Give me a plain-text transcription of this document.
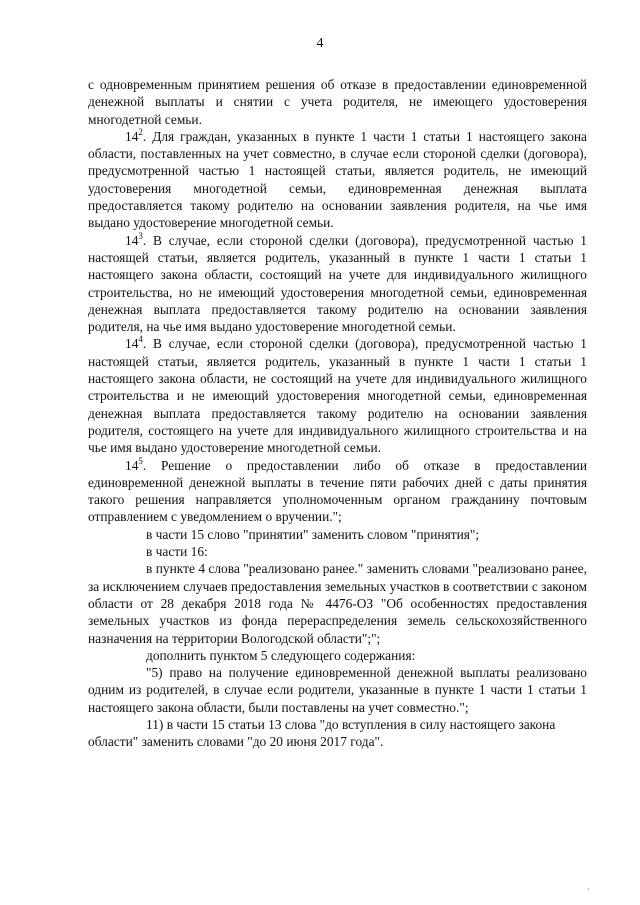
4

с одновременным принятием решения об отказе в предоставлении единовременной денежной выплаты и снятии с учета родителя, не имеющего удостоверения многодетной семьи.

$14^2$. Для граждан, указанных в пункте 1 части 1 статьи 1 настоящего закона области, поставленных на учет совместно, в случае если стороной сделки (договора), предусмотренной частью 1 настоящей статьи, является родитель, не имеющий удостоверения многодетной семьи, единовременная денежная выплата предоставляется такому родителю на основании заявления родителя, на чье имя выдано удостоверение многодетной семьи.

$14^3$. В случае, если стороной сделки (договора), предусмотренной частью 1 настоящей статьи, является родитель, указанный в пункте 1 части 1 статьи 1 настоящего закона области, состоящий на учете для индивидуального жилищного строительства, но не имеющий удостоверения многодетной семьи, единовременная денежная выплата предоставляется такому родителю на основании заявления родителя, на чье имя выдано удостоверение многодетной семьи.

$14^4$. В случае, если стороной сделки (договора), предусмотренной частью 1 настоящей статьи, является родитель, указанный в пункте 1 части 1 статьи 1 настоящего закона области, не состоящий на учете для индивидуального жилищного строительства и не имеющий удостоверения многодетной семьи, единовременная денежная выплата предоставляется такому родителю на основании заявления родителя, состоящего на учете для индивидуального жилищного строительства и на чье имя выдано удостоверение многодетной семьи.

$14^5$. Решение о предоставлении либо об отказе в предоставлении единовременной денежной выплаты в течение пяти рабочих дней с даты принятия такого решения направляется уполномоченным органом гражданину почтовым отправлением с уведомлением о вручении.";

в части 15 слово "принятии" заменить словом "принятия";

в части 16:

в пункте 4 слова "реализовано ранее." заменить словами "реализовано ранее, за исключением случаев предоставления земельных участков в соответствии с законом области от 28 декабря 2018 года № 4476-ОЗ "Об особенностях предоставления земельных участков из фонда перераспределения земель сельскохозяйственного назначения на территории Вологодской области";";

дополнить пунктом 5 следующего содержания:

"5) право на получение единовременной денежной выплаты реализовано одним из родителей, в случае если родители, указанные в пункте 1 части 1 статьи 1 настоящего закона области, были поставлены на учет совместно.";

11) в части 15 статьи 13 слова "до вступления в силу настоящего закона области" заменить словами "до 20 июня 2017 года".

·
